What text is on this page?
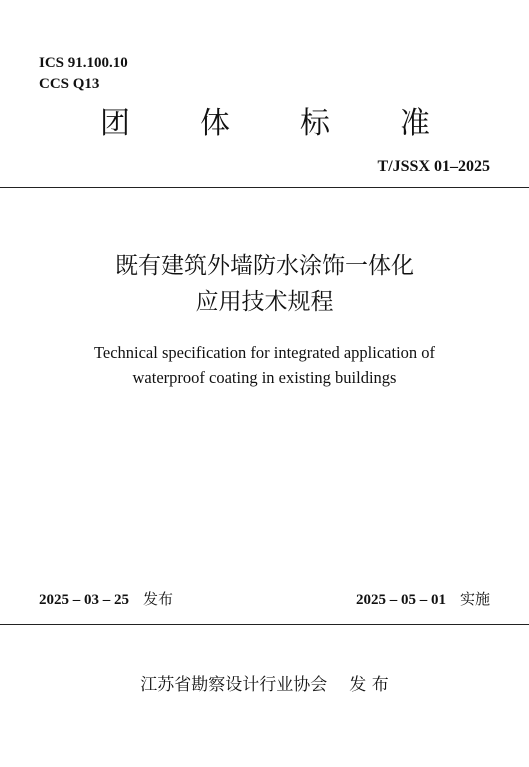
ICS 91.100.10
CCS Q13
团 体 标 准
T/JSSX 01–2025
既有建筑外墙防水涂饰一体化
应用技术规程
Technical specification for integrated application of
waterproof coating in existing buildings
2025 – 03 – 25 发布	2025 – 05 – 01 实施
江苏省勘察设计行业协会 发 布
